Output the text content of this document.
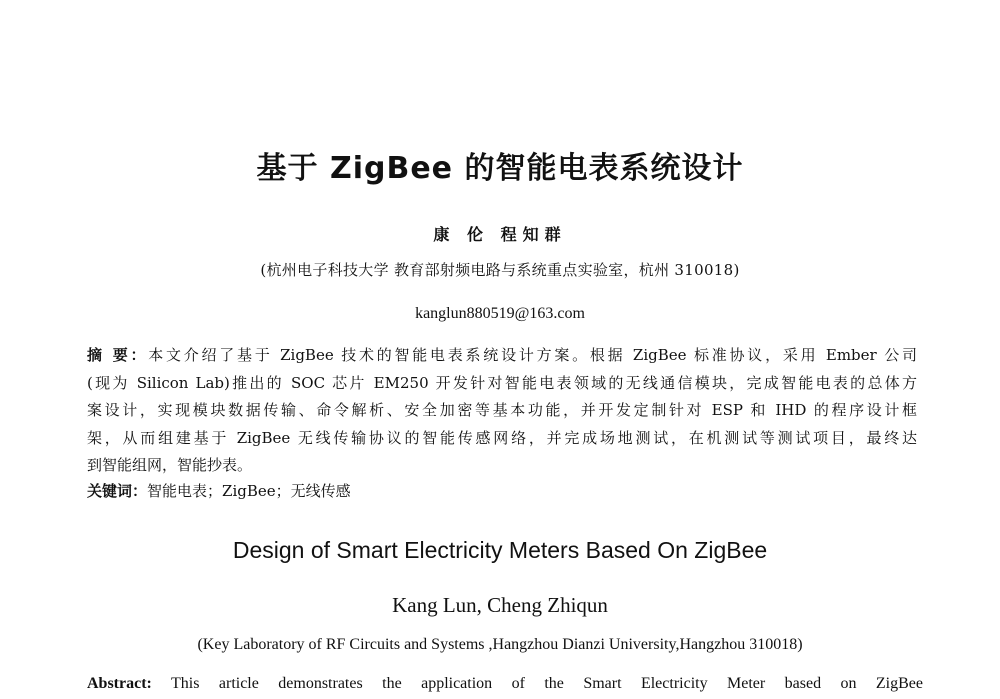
基于 ZigBee 的智能电表系统设计
康 伦 程知群
(杭州电子科技大学 教育部射频电路与系统重点实验室，杭州 310018)
kanglun880519@163.com
摘 要：本文介绍了基于 ZigBee 技术的智能电表系统设计方案。根据 ZigBee 标准协议，采用 Ember 公司
(现为 Silicon Lab)推出的 SOC 芯片 EM250 开发针对智能电表领域的无线通信模块，完成智能电表的总体方
案设计，实现模块数据传输、命令解析、安全加密等基本功能，并开发定制针对 ESP 和 IHD 的程序设计框
架，从而组建基于 ZigBee 无线传输协议的智能传感网络，并完成场地测试，在机测试等测试项目，最终达
到智能组网，智能抄表。
关键词：智能电表；ZigBee；无线传感
Design of Smart Electricity Meters Based On ZigBee
Kang Lun, Cheng Zhiqun
(Key Laboratory of RF Circuits and Systems ,Hangzhou Dianzi University,Hangzhou 310018)
Abstract: This article demonstrates the application of the Smart Electricity Meter based on ZigBee
